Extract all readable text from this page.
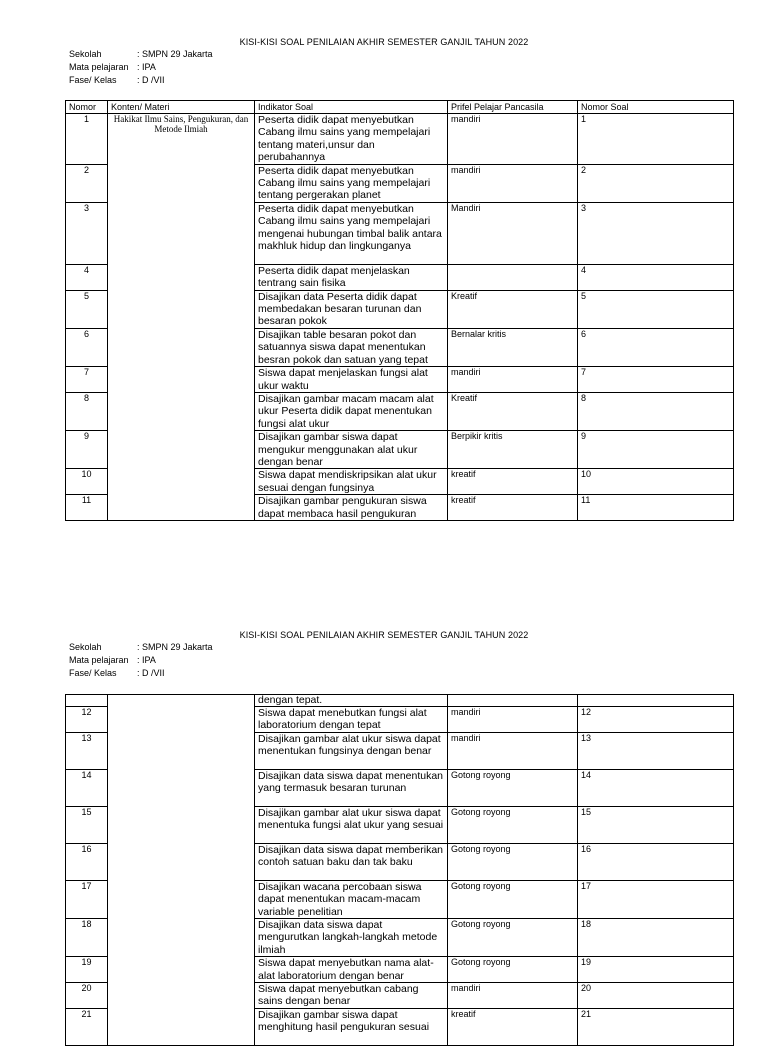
KISI-KISI SOAL PENILAIAN AKHIR SEMESTER GANJIL TAHUN 2022
Sekolah	: SMPN 29 Jakarta
Mata pelajaran : IPA
Fase/ Kelas : D /VII
Nomor	Konten/ Materi	Indikator Soal	Prifel Pelajar Pancasila	Nomor Soal
1	Hakikat Ilmu Sains, Pengukuran, dan Metode Ilmiah	Peserta didik dapat menyebutkan Cabang ilmu sains yang mempelajari tentang materi,unsur dan perubahannya	mandiri	1
2		Peserta didik dapat menyebutkan Cabang ilmu sains yang mempelajari tentang pergerakan planet	mandiri	2
3		Peserta didik dapat menyebutkan Cabang ilmu sains yang mempelajari mengenai hubungan timbal balik antara makhluk hidup dan lingkunganya	Mandiri	3
4		Peserta didik dapat menjelaskan tentrang sain fisika		4
5		Disajikan data Peserta didik dapat membedakan besaran turunan dan besaran pokok	Kreatif	5
6		Disajikan table besaran pokot dan satuannya siswa dapat menentukan besran pokok dan satuan yang tepat	Bernalar kritis	6
7		Siswa dapat menjelaskan fungsi alat ukur waktu	mandiri	7
8		Disajikan gambar macam macam alat ukur Peserta didik dapat menentukan fungsi alat ukur	Kreatif	8
9		Disajikan gambar siswa dapat mengukur menggunakan alat ukur dengan benar	Berpikir kritis	9
10		Siswa dapat mendiskripsikan alat ukur sesuai dengan fungsinya	kreatif	10
11		Disajikan gambar pengukuran siswa dapat membaca hasil pengukuran	kreatif	11
KISI-KISI SOAL PENILAIAN AKHIR SEMESTER GANJIL TAHUN 2022
Sekolah	: SMPN 29 Jakarta
Mata pelajaran : IPA
Fase/ Kelas : D /VII
		dengan tepat.		
12		Siswa dapat menebutkan fungsi alat laboratorium dengan tepat	mandiri	12
13		Disajikan gambar alat ukur siswa dapat menentukan fungsinya dengan benar	mandiri	13
14		Disajikan data siswa dapat menentukan yang termasuk besaran turunan	Gotong royong	14
15		Disajikan gambar alat ukur siswa dapat menentuka fungsi alat ukur yang sesuai	Gotong royong	15
16		Disajikan data siswa dapat memberikan contoh satuan baku dan tak baku	Gotong royong	16
17		Disajikan wacana percobaan siswa dapat menentukan macam-macam variable penelitian	Gotong royong	17
18		Disajikan data siswa dapat mengurutkan langkah-langkah metode ilmiah	Gotong royong	18
19		Siswa dapat menyebutkan nama alat-alat laboratorium dengan benar	Gotong royong	19
20		Siswa dapat menyebutkan cabang sains dengan benar	mandiri	20
21		Disajikan gambar siswa dapat menghitung hasil pengukuran sesuai	kreatif	21
